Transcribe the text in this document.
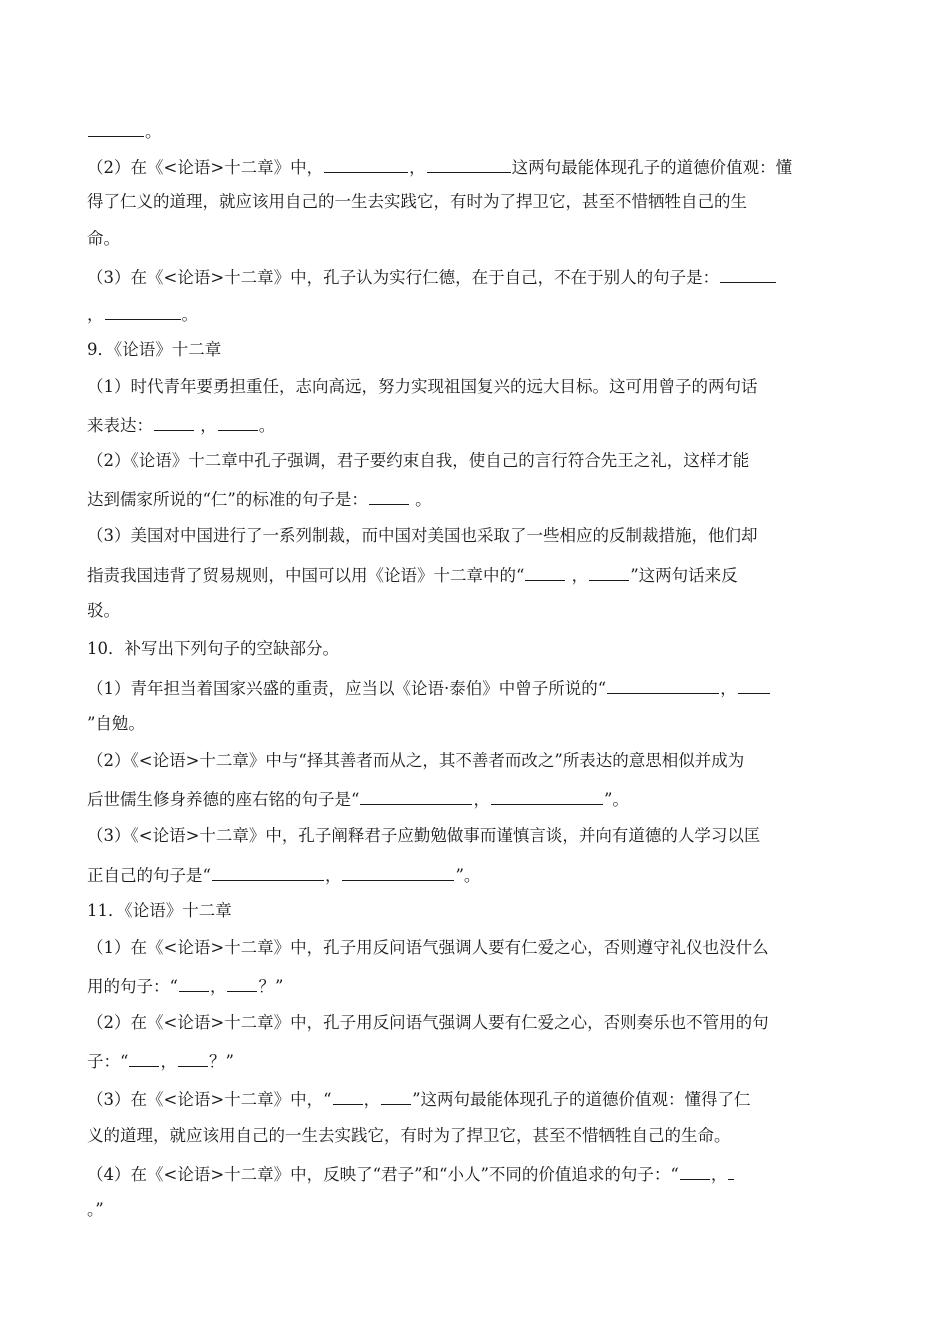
。
（2）在《<论语>十二章》中，	，	这两句最能体现孔子的道德价值观：懂
得了仁义的道理，就应该用自己的一生去实践它，有时为了捍卫它，甚至不惜牺牲自己的生
命。
（3）在《<论语>十二章》中，孔子认为实行仁德，在于自己，不在于别人的句子是：
，	。
9．《论语》十二章
（1）时代青年要勇担重任，志向高远，努力实现祖国复兴的远大目标。这可用曾子的两句话
来表达：	，	。
（2）《论语》十二章中孔子强调，君子要约束自我，使自己的言行符合先王之礼，这样才能
达到儒家所说的“仁”的标准的句子是：	。
（3）美国对中国进行了一系列制裁，而中国对美国也采取了一些相应的反制裁措施，他们却
指责我国违背了贸易规则，中国可以用《论语》十二章中的“	，	”这两句话来反
驳。
10．补写出下列句子的空缺部分。
（1）青年担当着国家兴盛的重责，应当以《论语·泰伯》中曾子所说的“	，
”自勉。
（2）《<论语>十二章》中与“择其善者而从之，其不善者而改之”所表达的意思相似并成为
后世儒生修身养德的座右铭的句子是“	，	”。
（3）《<论语>十二章》中，孔子阐释君子应勤勉做事而谨慎言谈，并向有道德的人学习以匡
正自己的句子是“	，	”。
11．《论语》十二章
（1）在《<论语>十二章》中，孔子用反问语气强调人要有仁爱之心，否则遵守礼仪也没什么
用的句子：“ ， ？”
（2）在《<论语>十二章》中，孔子用反问语气强调人要有仁爱之心，否则奏乐也不管用的句
子：“ ， ？”
（3）在《<论语>十二章》中，“ ， ”这两句最能体现孔子的道德价值观：懂得了仁
义的道理，就应该用自己的一生去实践它，有时为了捍卫它，甚至不惜牺牲自己的生命。
（4）在《<论语>十二章》中，反映了“君子”和“小人”不同的价值追求的句子：“ ，
。”
